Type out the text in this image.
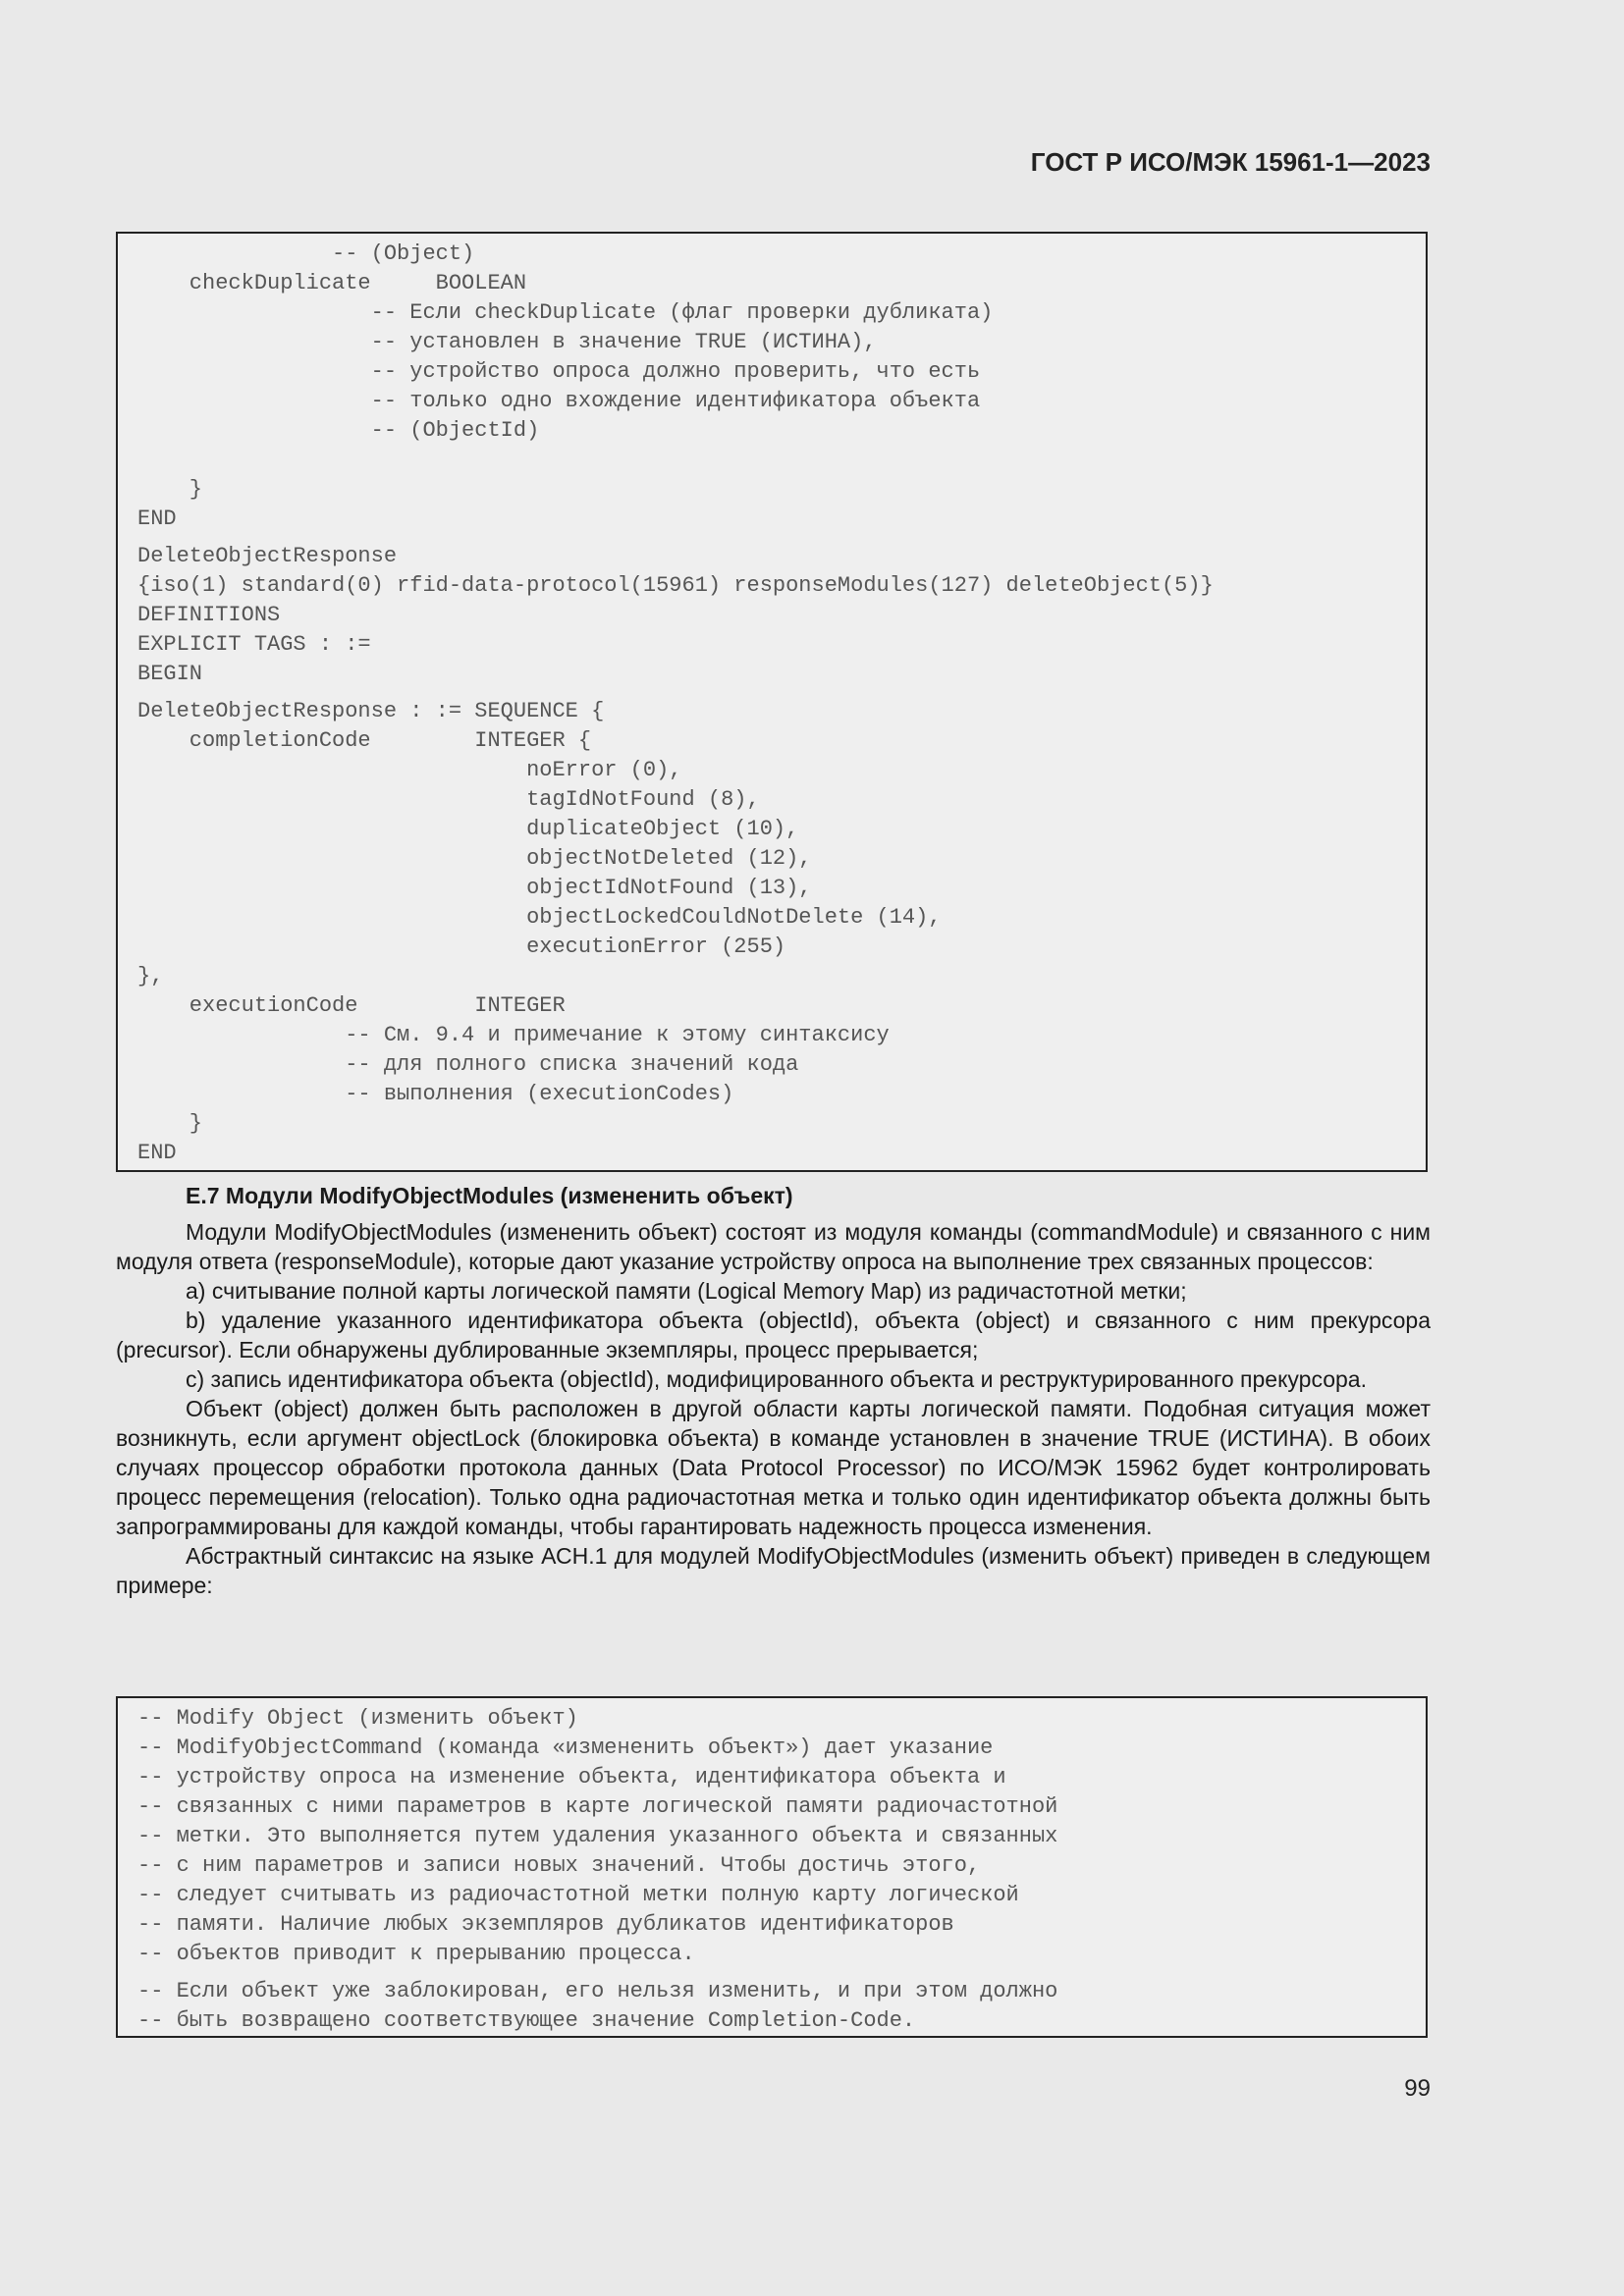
ГОСТ Р ИСО/МЭК 15961-1—2023
-- (Object)
checkDuplicate     BOOLEAN
-- Если checkDuplicate (флаг проверки дубликата)
-- установлен в значение TRUE (ИСТИНА),
-- устройство опроса должно проверить, что есть
-- только одно вхождение идентификатора объекта
-- (ObjectId)
}
END
DeleteObjectResponse
{iso(1) standard(0) rfid-data-protocol(15961) responseModules(127) deleteObject(5)}
DEFINITIONS
EXPLICIT TAGS : :=
BEGIN
DeleteObjectResponse : := SEQUENCE {
completionCode        INTEGER {
noError (0),
tagIdNotFound (8),
duplicateObject (10),
objectNotDeleted (12),
objectIdNotFound (13),
objectLockedCouldNotDelete (14),
executionError (255)
},
executionCode         INTEGER
-- См. 9.4 и примечание к этому синтаксису
-- для полного списка значений кода
-- выполнения (executionCodes)
}
END
E.7 Модули ModifyObjectModules (измененить объект)

Модули ModifyObjectModules (измененить объект) состоят из модуля команды (commandModule) и связанного с ним модуля ответа (responseModule), которые дают указание устройству опроса на выполнение трех связанных процессов:

a) считывание полной карты логической памяти (Logical Memory Map) из радичастотной метки;

b) удаление указанного идентификатора объекта (objectId), объекта (object) и связанного с ним прекурсора (precursor). Если обнаружены дублированные экземпляры, процесс прерывается;

c) запись идентификатора объекта (objectId), модифицированного объекта и реструктурированного прекурсора.

Объект (object) должен быть расположен в другой области карты логической памяти. Подобная ситуация может возникнуть, если аргумент objectLock (блокировка объекта) в команде установлен в значение TRUE (ИСТИНА). В обоих случаях процессор обработки протокола данных (Data Protocol Processor) по ИСО/МЭК 15962 будет контролировать процесс перемещения (relocation). Только одна радиочастотная метка и только один идентификатор объекта должны быть запрограммированы для каждой команды, чтобы гарантировать надежность процесса изменения.

Абстрактный синтаксис на языке АСН.1 для модулей ModifyObjectModules (изменить объект) приведен в следующем примере:

-- Modify Object (изменить объект)
-- ModifyObjectCommand (команда «измененить объект») дает указание
-- устройству опроса на изменение объекта, идентификатора объекта и
-- связанных с ними параметров в карте логической памяти радиочастотной
-- метки. Это выполняется путем удаления указанного объекта и связанных
-- с ним параметров и записи новых значений. Чтобы достичь этого,
-- следует считывать из радиочастотной метки полную карту логической
-- памяти. Наличие любых экземпляров дубликатов идентификаторов
-- объектов приводит к прерыванию процесса.
-- Если объект уже заблокирован, его нельзя изменить, и при этом должно
-- быть возвращено соответствующее значение Completion-Code.
99
